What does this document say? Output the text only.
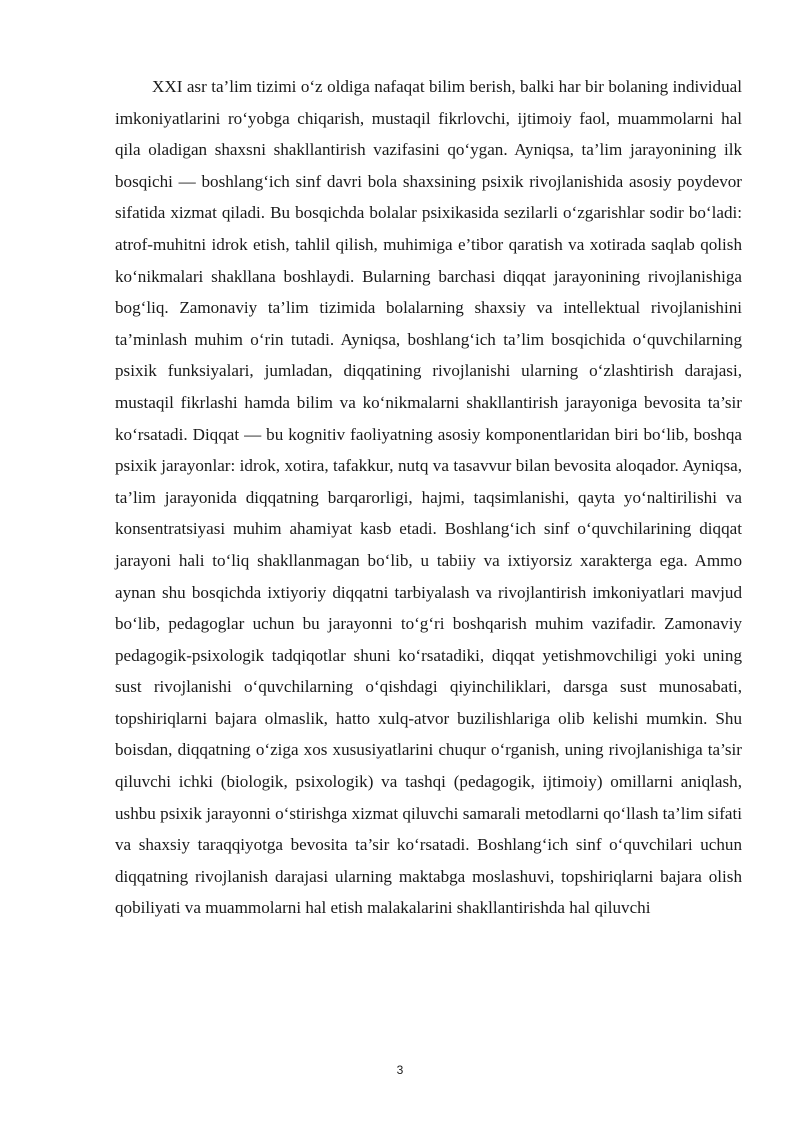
XXI asr ta’lim tizimi o‘z oldiga nafaqat bilim berish, balki har bir bolaning individual imkoniyatlarini ro‘yobga chiqarish, mustaqil fikrlovchi, ijtimoiy faol, muammolarni hal qila oladigan shaxsni shakllantirish vazifasini qo‘ygan. Ayniqsa, ta’lim jarayonining ilk bosqichi — boshlang‘ich sinf davri bola shaxsining psixik rivojlanishida asosiy poydevor sifatida xizmat qiladi. Bu bosqichda bolalar psixikasida sezilarli o‘zgarishlar sodir bo‘ladi: atrof-muhitni idrok etish, tahlil qilish, muhimiga e’tibor qaratish va xotirada saqlab qolish ko‘nikmalari shakllana boshlaydi. Bularning barchasi diqqat jarayonining rivojlanishiga bog‘liq. Zamonaviy ta’lim tizimida bolalarning shaxsiy va intellektual rivojlanishini ta’minlash muhim o‘rin tutadi. Ayniqsa, boshlang‘ich ta’lim bosqichida o‘quvchilarning psixik funksiyalari, jumladan, diqqatining rivojlanishi ularning o‘zlashtirish darajasi, mustaqil fikrlashi hamda bilim va ko‘nikmalarni shakllantirish jarayoniga bevosita ta’sir ko‘rsatadi. Diqqat — bu kognitiv faoliyatning asosiy komponentlaridan biri bo‘lib, boshqa psixik jarayonlar: idrok, xotira, tafakkur, nutq va tasavvur bilan bevosita aloqador. Ayniqsa, ta’lim jarayonida diqqatning barqarorligi, hajmi, taqsimlanishi, qayta yo‘naltirilishi va konsentratsiyasi muhim ahamiyat kasb etadi. Boshlang‘ich sinf o‘quvchilarining diqqat jarayoni hali to‘liq shakllanmagan bo‘lib, u tabiiy va ixtiyorsiz xarakterga ega. Ammo aynan shu bosqichda ixtiyoriy diqqatni tarbiyalash va rivojlantirish imkoniyatlari mavjud bo‘lib, pedagoglar uchun bu jarayonni to‘g‘ri boshqarish muhim vazifadir. Zamonaviy pedagogik-psixologik tadqiqotlar shuni ko‘rsatadiki, diqqat yetishmovchiligi yoki uning sust rivojlanishi o‘quvchilarning o‘qishdagi qiyinchiliklari, darsga sust munosabati, topshiriqlarni bajara olmaslik, hatto xulq-atvor buzilishlariga olib kelishi mumkin. Shu boisdan, diqqatning o‘ziga xos xususiyatlarini chuqur o‘rganish, uning rivojlanishiga ta’sir qiluvchi ichki (biologik, psixologik) va tashqi (pedagogik, ijtimoiy) omillarni aniqlash, ushbu psixik jarayonni o‘stirishga xizmat qiluvchi samarali metodlarni qo‘llash ta’lim sifati va shaxsiy taraqqiyotga bevosita ta’sir ko‘rsatadi. Boshlang‘ich sinf o‘quvchilari uchun diqqatning rivojlanish darajasi ularning maktabga moslashuvi, topshiriqlarni bajara olish qobiliyati va muammolarni hal etish malakalarini shakllantirishda hal qiluvchi

3
